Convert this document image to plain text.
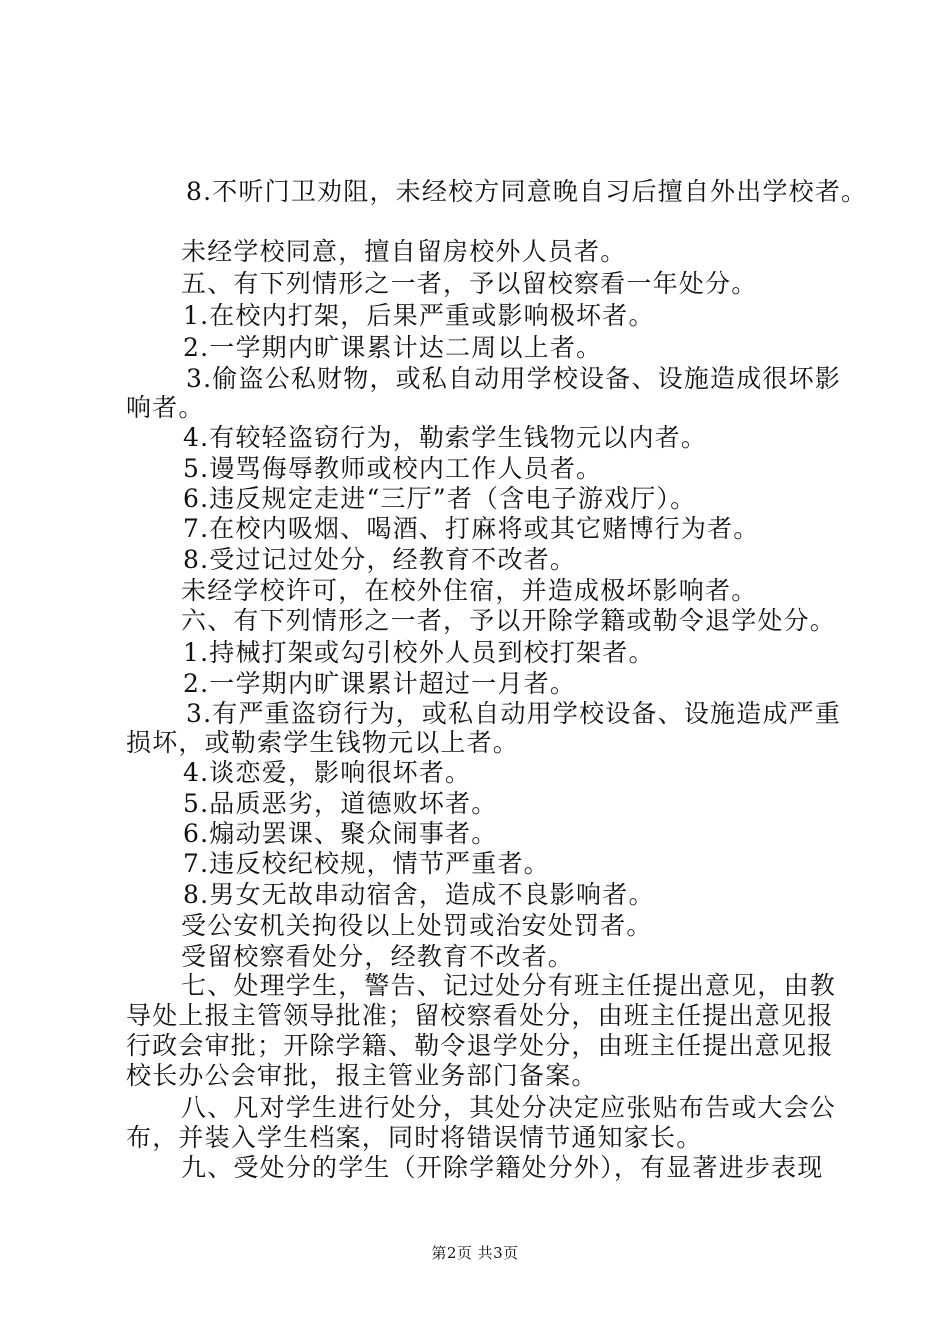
8.不听门卫劝阻，未经校方同意晚自习后擅自外出学校者。
未经学校同意，擅自留房校外人员者。
五、有下列情形之一者，予以留校察看一年处分。
1.在校内打架，后果严重或影响极坏者。
2.一学期内旷课累计达二周以上者。
3.偷盗公私财物，或私自动用学校设备、设施造成很坏影
响者。
4.有较轻盗窃行为，勒索学生钱物元以内者。
5.谩骂侮辱教师或校内工作人员者。
6.违反规定走进“三厅”者（含电子游戏厅）。
7.在校内吸烟、喝酒、打麻将或其它赌博行为者。
8.受过记过处分，经教育不改者。
未经学校许可，在校外住宿，并造成极坏影响者。
六、有下列情形之一者，予以开除学籍或勒令退学处分。
1.持械打架或勾引校外人员到校打架者。
2.一学期内旷课累计超过一月者。
3.有严重盗窃行为，或私自动用学校设备、设施造成严重
损坏，或勒索学生钱物元以上者。
4.谈恋爱，影响很坏者。
5.品质恶劣，道德败坏者。
6.煽动罢课、聚众闹事者。
7.违反校纪校规，情节严重者。
8.男女无故串动宿舍，造成不良影响者。
受公安机关拘役以上处罚或治安处罚者。
受留校察看处分，经教育不改者。
七、处理学生，警告、记过处分有班主任提出意见，由教
导处上报主管领导批准；留校察看处分，由班主任提出意见报
行政会审批；开除学籍、勒令退学处分，由班主任提出意见报
校长办公会审批，报主管业务部门备案。
八、凡对学生进行处分，其处分决定应张贴布告或大会公
布，并装入学生档案，同时将错误情节通知家长。
九、受处分的学生（开除学籍处分外），有显著进步表现
第2页 共3页
